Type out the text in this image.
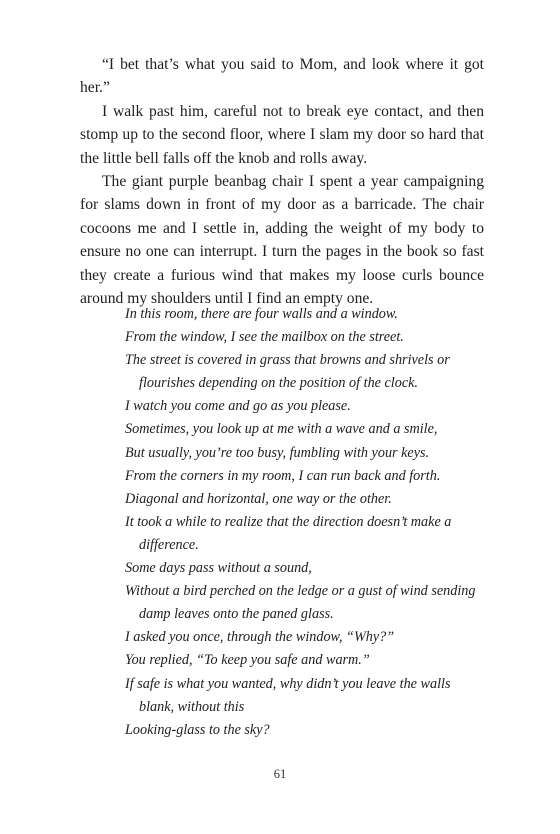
“I bet that’s what you said to Mom, and look where it got her.”

I walk past him, careful not to break eye contact, and then stomp up to the second floor, where I slam my door so hard that the little bell falls off the knob and rolls away.

The giant purple beanbag chair I spent a year campaigning for slams down in front of my door as a barricade. The chair cocoons me and I settle in, adding the weight of my body to ensure no one can interrupt. I turn the pages in the book so fast they create a furious wind that makes my loose curls bounce around my shoulders until I find an empty one.

In this room, there are four walls and a window.
From the window, I see the mailbox on the street.
The street is covered in grass that browns and shrivels or flourishes depending on the position of the clock.
I watch you come and go as you please.
Sometimes, you look up at me with a wave and a smile,
But usually, you’re too busy, fumbling with your keys.
From the corners in my room, I can run back and forth.
Diagonal and horizontal, one way or the other.
It took a while to realize that the direction doesn’t make a difference.
Some days pass without a sound,
Without a bird perched on the ledge or a gust of wind sending damp leaves onto the paned glass.
I asked you once, through the window, “Why?”
You replied, “To keep you safe and warm.”
If safe is what you wanted, why didn’t you leave the walls blank, without this
Looking-glass to the sky?
61
